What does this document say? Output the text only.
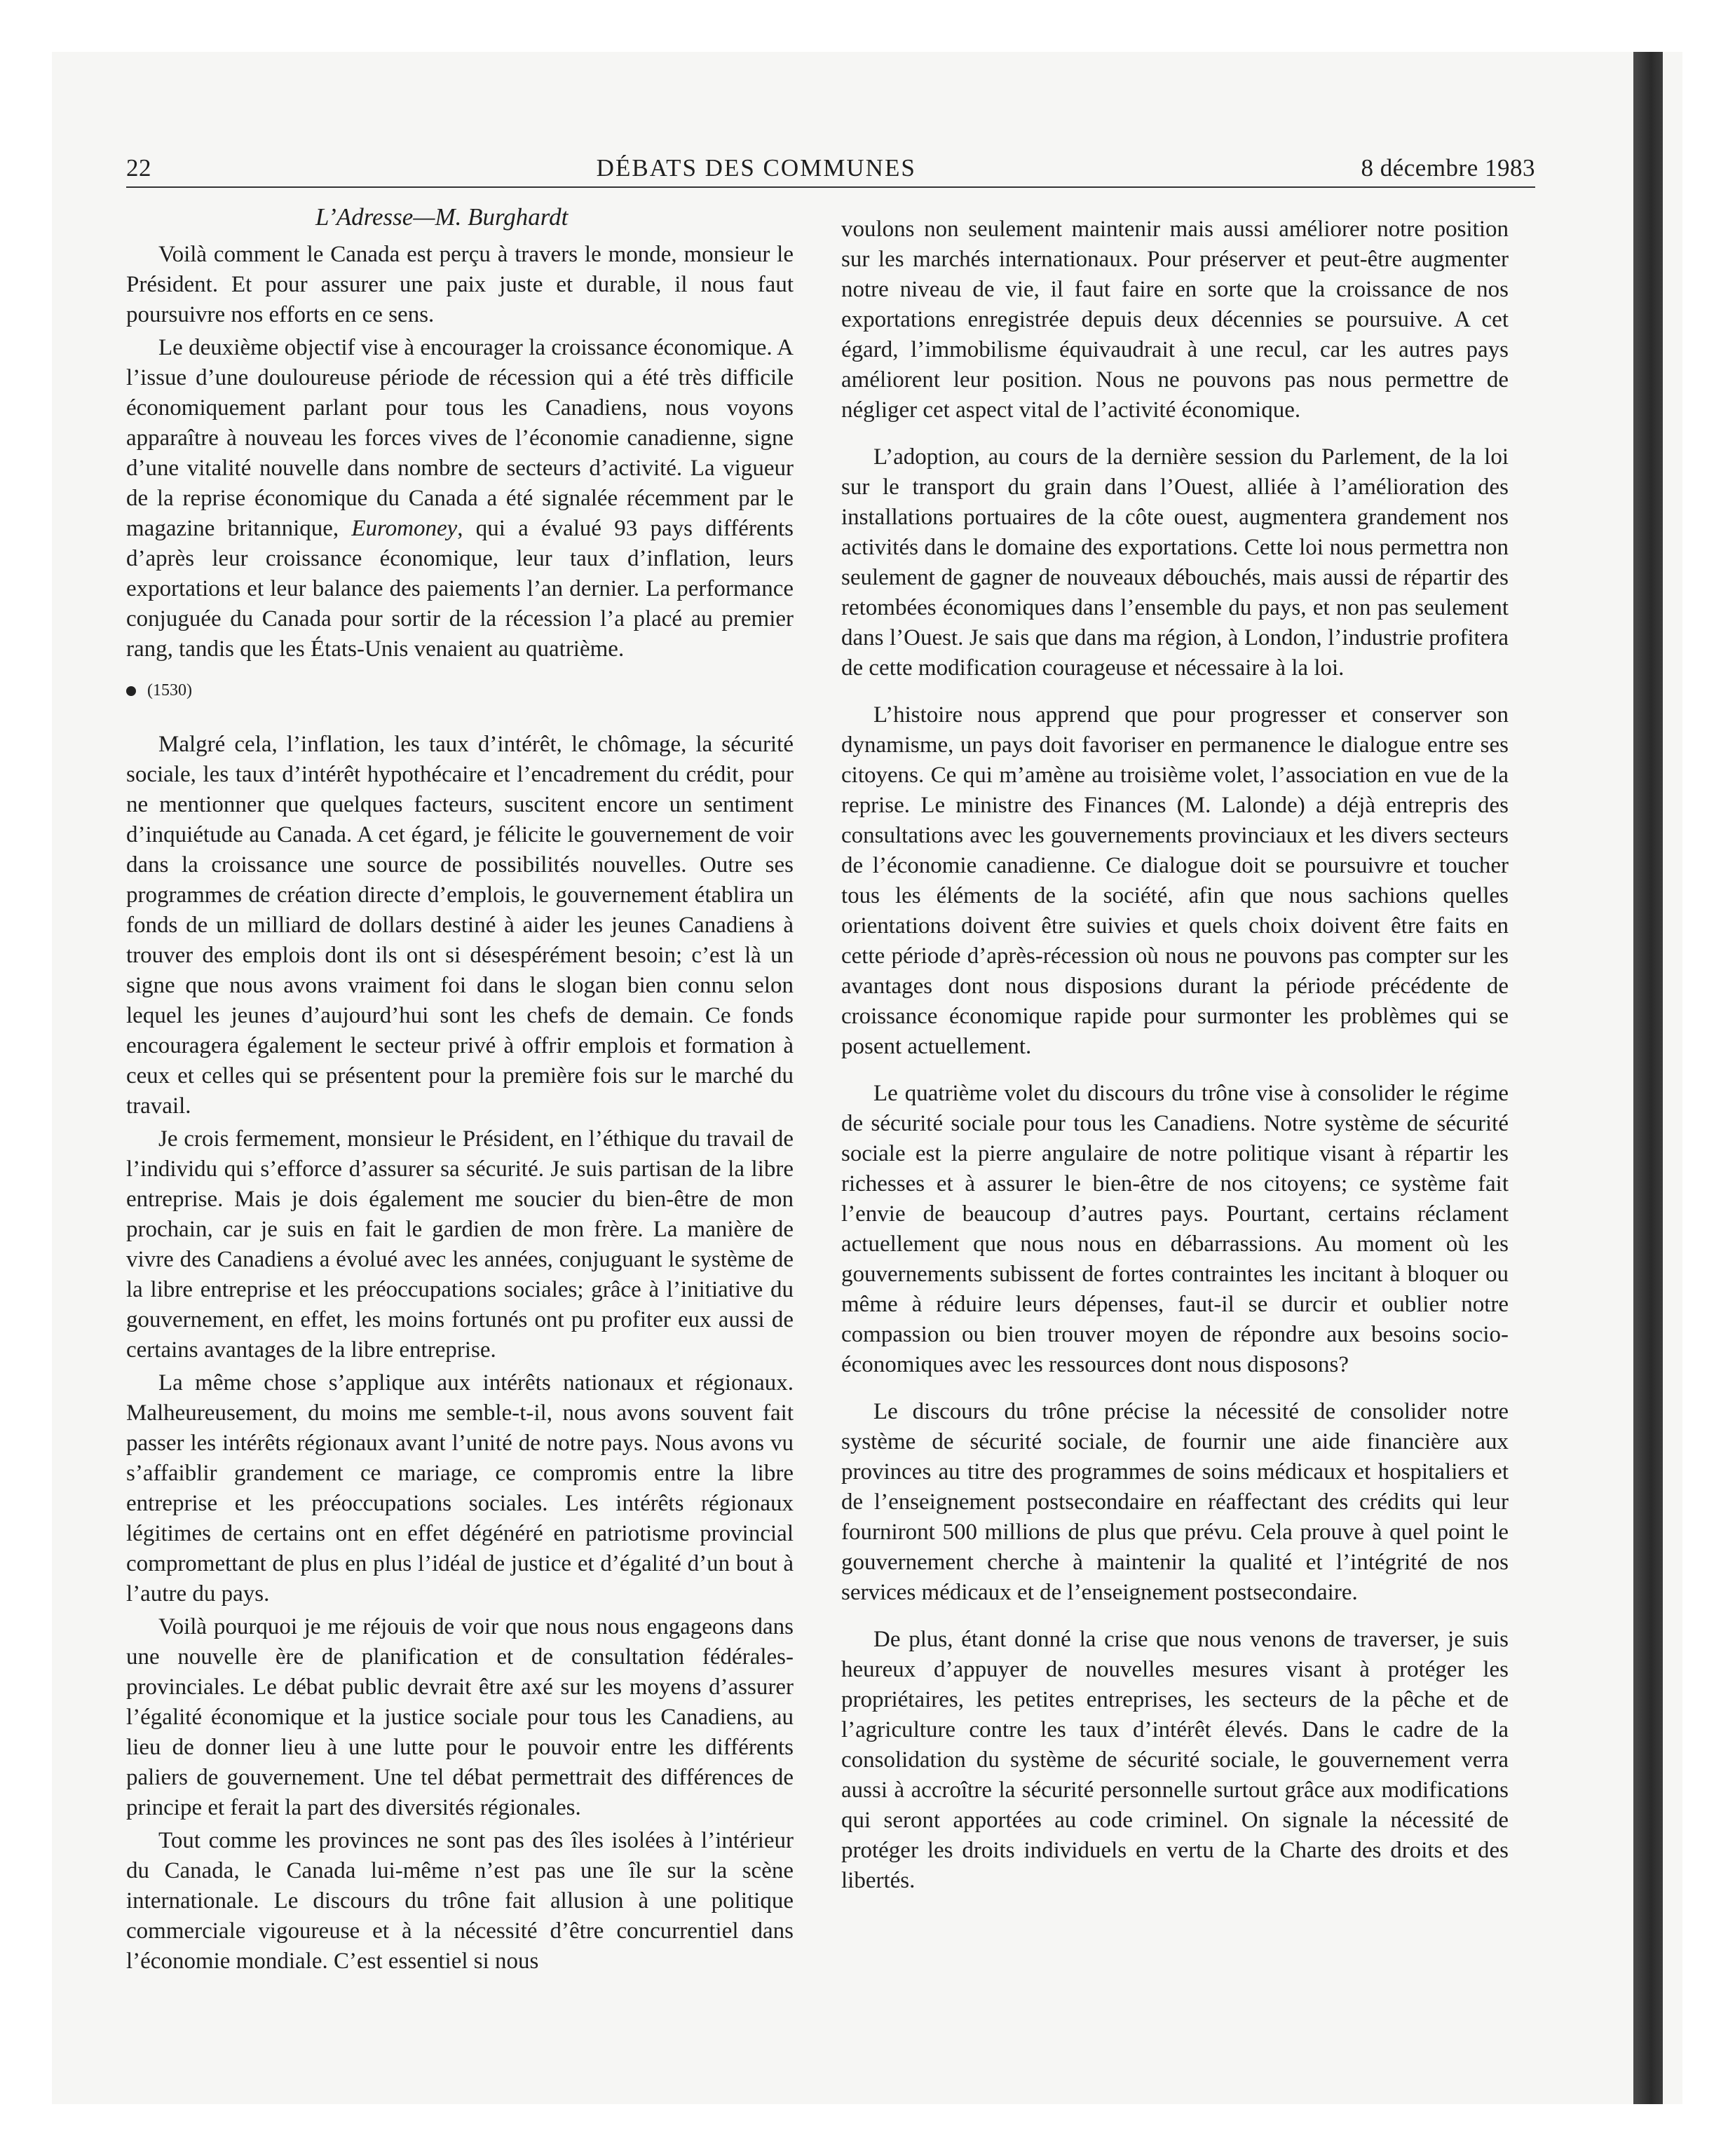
22	DÉBATS DES COMMUNES	8 décembre 1983
L’Adresse—M. Burghardt

Voilà comment le Canada est perçu à travers le monde, monsieur le Président. Et pour assurer une paix juste et durable, il nous faut poursuivre nos efforts en ce sens.

Le deuxième objectif vise à encourager la croissance économique. A l’issue d’une douloureuse période de récession qui a été très difficile économiquement parlant pour tous les Canadiens, nous voyons apparaître à nouveau les forces vives de l’économie canadienne, signe d’une vitalité nouvelle dans nombre de secteurs d’activité. La vigueur de la reprise économique du Canada a été signalée récemment par le magazine britannique, Euromoney, qui a évalué 93 pays différents d’après leur croissance économique, leur taux d’inflation, leurs exportations et leur balance des paiements l’an dernier. La performance conjuguée du Canada pour sortir de la récession l’a placé au premier rang, tandis que les États-Unis venaient au quatrième.

(1530)

Malgré cela, l’inflation, les taux d’intérêt, le chômage, la sécurité sociale, les taux d’intérêt hypothécaire et l’encadrement du crédit, pour ne mentionner que quelques facteurs, suscitent encore un sentiment d’inquiétude au Canada. A cet égard, je félicite le gouvernement de voir dans la croissance une source de possibilités nouvelles. Outre ses programmes de création directe d’emplois, le gouvernement établira un fonds de un milliard de dollars destiné à aider les jeunes Canadiens à trouver des emplois dont ils ont si désespérément besoin; c’est là un signe que nous avons vraiment foi dans le slogan bien connu selon lequel les jeunes d’aujourd’hui sont les chefs de demain. Ce fonds encouragera également le secteur privé à offrir emplois et formation à ceux et celles qui se présentent pour la première fois sur le marché du travail.

Je crois fermement, monsieur le Président, en l’éthique du travail de l’individu qui s’efforce d’assurer sa sécurité. Je suis partisan de la libre entreprise. Mais je dois également me soucier du bien-être de mon prochain, car je suis en fait le gardien de mon frère. La manière de vivre des Canadiens a évolué avec les années, conjuguant le système de la libre entreprise et les préoccupations sociales; grâce à l’initiative du gouvernement, en effet, les moins fortunés ont pu profiter eux aussi de certains avantages de la libre entreprise.

La même chose s’applique aux intérêts nationaux et régionaux. Malheureusement, du moins me semble-t-il, nous avons souvent fait passer les intérêts régionaux avant l’unité de notre pays. Nous avons vu s’affaiblir grandement ce mariage, ce compromis entre la libre entreprise et les préoccupations sociales. Les intérêts régionaux légitimes de certains ont en effet dégénéré en patriotisme provincial compromettant de plus en plus l’idéal de justice et d’égalité d’un bout à l’autre du pays.

Voilà pourquoi je me réjouis de voir que nous nous engageons dans une nouvelle ère de planification et de consultation fédérales-provinciales. Le débat public devrait être axé sur les moyens d’assurer l’égalité économique et la justice sociale pour tous les Canadiens, au lieu de donner lieu à une lutte pour le pouvoir entre les différents paliers de gouvernement. Une tel débat permettrait des différences de principe et ferait la part des diversités régionales.

Tout comme les provinces ne sont pas des îles isolées à l’intérieur du Canada, le Canada lui-même n’est pas une île sur la scène internationale. Le discours du trône fait allusion à une politique commerciale vigoureuse et à la nécessité d’être concurrentiel dans l’économie mondiale. C’est essentiel si nous

voulons non seulement maintenir mais aussi améliorer notre position sur les marchés internationaux. Pour préserver et peut-être augmenter notre niveau de vie, il faut faire en sorte que la croissance de nos exportations enregistrée depuis deux décennies se poursuive. A cet égard, l’immobilisme équivaudrait à une recul, car les autres pays améliorent leur position. Nous ne pouvons pas nous permettre de négliger cet aspect vital de l’activité économique.

L’adoption, au cours de la dernière session du Parlement, de la loi sur le transport du grain dans l’Ouest, alliée à l’amélioration des installations portuaires de la côte ouest, augmentera grandement nos activités dans le domaine des exportations. Cette loi nous permettra non seulement de gagner de nouveaux débouchés, mais aussi de répartir des retombées économiques dans l’ensemble du pays, et non pas seulement dans l’Ouest. Je sais que dans ma région, à London, l’industrie profitera de cette modification courageuse et nécessaire à la loi.

L’histoire nous apprend que pour progresser et conserver son dynamisme, un pays doit favoriser en permanence le dialogue entre ses citoyens. Ce qui m’amène au troisième volet, l’association en vue de la reprise. Le ministre des Finances (M. Lalonde) a déjà entrepris des consultations avec les gouvernements provinciaux et les divers secteurs de l’économie canadienne. Ce dialogue doit se poursuivre et toucher tous les éléments de la société, afin que nous sachions quelles orientations doivent être suivies et quels choix doivent être faits en cette période d’après-récession où nous ne pouvons pas compter sur les avantages dont nous disposions durant la période précédente de croissance économique rapide pour surmonter les problèmes qui se posent actuellement.

Le quatrième volet du discours du trône vise à consolider le régime de sécurité sociale pour tous les Canadiens. Notre système de sécurité sociale est la pierre angulaire de notre politique visant à répartir les richesses et à assurer le bien-être de nos citoyens; ce système fait l’envie de beaucoup d’autres pays. Pourtant, certains réclament actuellement que nous nous en débarrassions. Au moment où les gouvernements subissent de fortes contraintes les incitant à bloquer ou même à réduire leurs dépenses, faut-il se durcir et oublier notre compassion ou bien trouver moyen de répondre aux besoins socio-économiques avec les ressources dont nous disposons?

Le discours du trône précise la nécessité de consolider notre système de sécurité sociale, de fournir une aide financière aux provinces au titre des programmes de soins médicaux et hospitaliers et de l’enseignement postsecondaire en réaffectant des crédits qui leur fourniront 500 millions de plus que prévu. Cela prouve à quel point le gouvernement cherche à maintenir la qualité et l’intégrité de nos services médicaux et de l’enseignement postsecondaire.

De plus, étant donné la crise que nous venons de traverser, je suis heureux d’appuyer de nouvelles mesures visant à protéger les propriétaires, les petites entreprises, les secteurs de la pêche et de l’agriculture contre les taux d’intérêt élevés. Dans le cadre de la consolidation du système de sécurité sociale, le gouvernement verra aussi à accroître la sécurité personnelle surtout grâce aux modifications qui seront apportées au code criminel. On signale la nécessité de protéger les droits individuels en vertu de la Charte des droits et des libertés.
